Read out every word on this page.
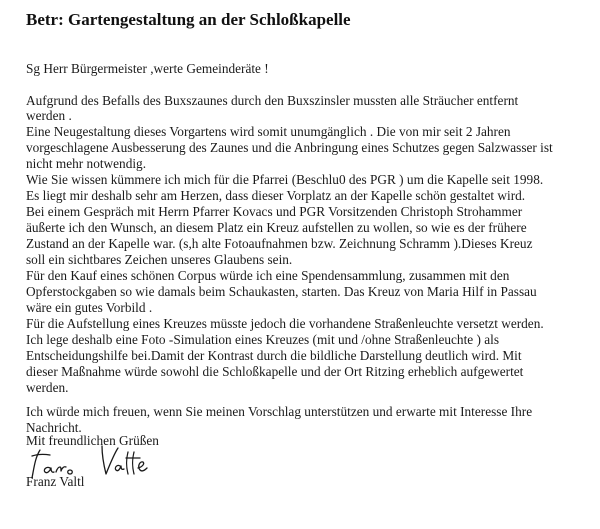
Betr: Gartengestaltung an der Schloßkapelle
Sg Herr Bürgermeister ,werte Gemeinderäte !
Aufgrund des Befalls des Buxszaunes durch den Buxszinsler mussten alle Sträucher entfernt
werden .
Eine Neugestaltung dieses Vorgartens wird somit unumgänglich . Die von mir seit 2 Jahren
vorgeschlagene Ausbesserung des Zaunes und die Anbringung eines Schutzes gegen Salzwasser ist
nicht mehr notwendig.
Wie Sie wissen kümmere ich mich für die Pfarrei (Beschlu0 des PGR ) um die Kapelle seit 1998.
Es liegt mir deshalb sehr am Herzen, dass dieser Vorplatz an der Kapelle schön gestaltet wird.
Bei einem Gespräch mit Herrn Pfarrer Kovacs und PGR Vorsitzenden Christoph Strohammer
äußerte ich den Wunsch, an diesem Platz ein Kreuz aufstellen zu wollen, so wie es der frühere
Zustand an der Kapelle war. (s,h alte Fotoaufnahmen bzw. Zeichnung Schramm ).Dieses Kreuz
soll ein sichtbares Zeichen unseres Glaubens sein.
Für den Kauf eines schönen Corpus würde ich eine Spendensammlung, zusammen mit den
Opferstockgaben so wie damals beim Schaukasten, starten. Das Kreuz von Maria Hilf in Passau
wäre ein gutes Vorbild .
Für die Aufstellung eines Kreuzes müsste jedoch die vorhandene Straßenleuchte versetzt werden.
Ich lege deshalb eine Foto -Simulation eines Kreuzes (mit und /ohne Straßenleuchte ) als
Entscheidungshilfe bei.Damit der Kontrast durch die bildliche Darstellung deutlich wird. Mit
dieser Maßnahme würde sowohl die Schloßkapelle und der Ort Ritzing erheblich aufgewertet
werden.
Ich würde mich freuen, wenn Sie meinen Vorschlag unterstützen und erwarte mit Interesse Ihre
Nachricht.
Mit freundlichen Grüßen
Franz Valtl
